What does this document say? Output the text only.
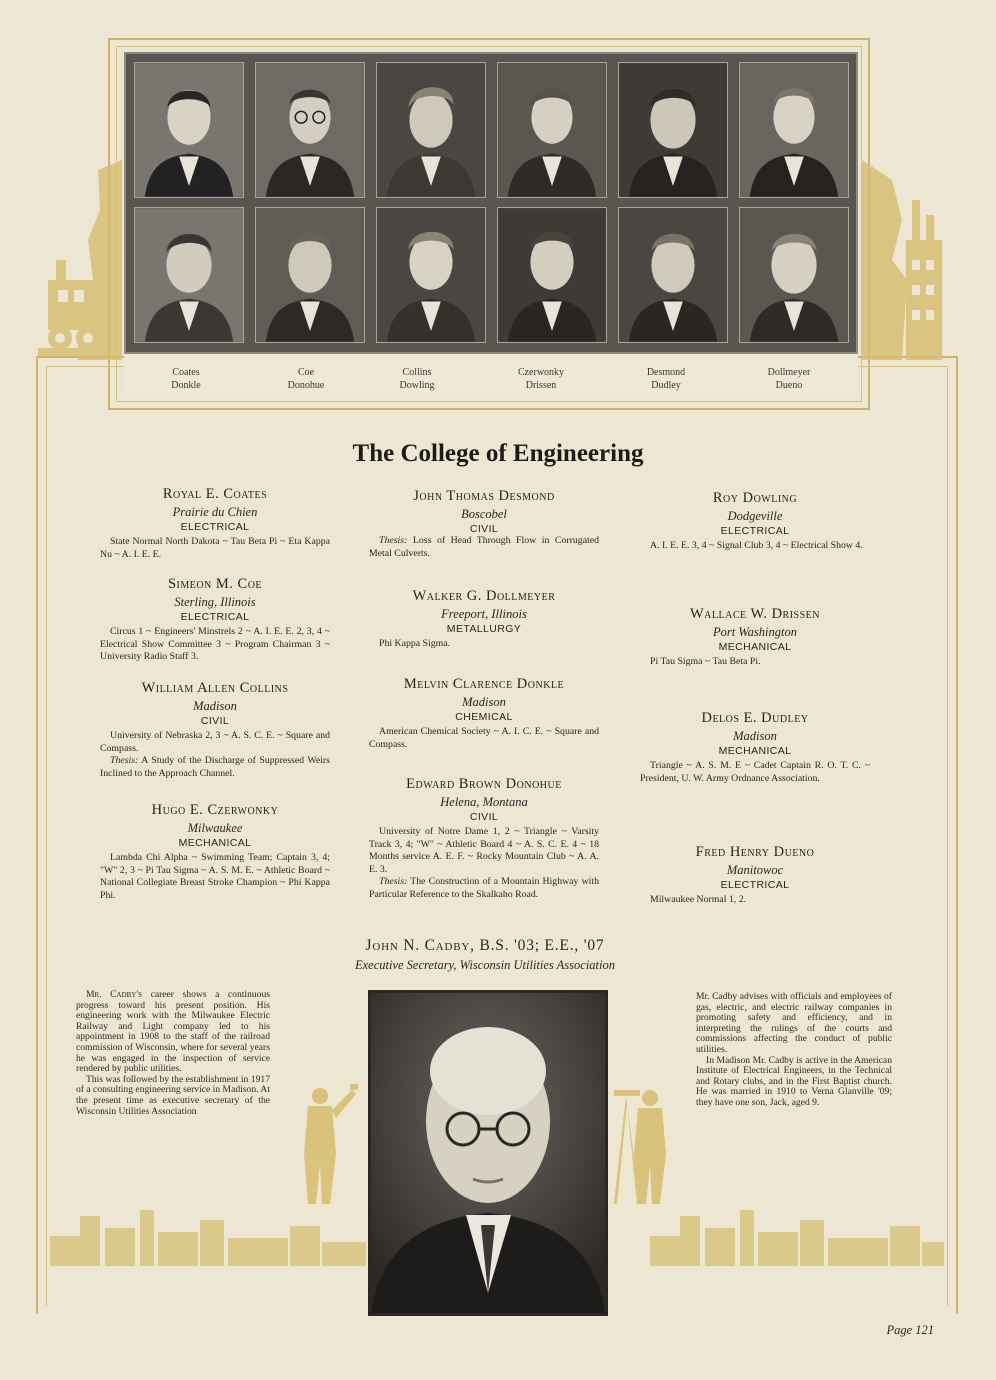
Coates
Donkle
Coe
Donohue
Collins
Dowling
Czerwonky
Drissen
Desmond
Dudley
Dollmeyer
Dueno
The College of Engineering
Royal E. Coates
Prairie du Chien
ELECTRICAL
State Normal North Dakota ~ Tau Beta Pi ~ Eta Kappa Nu ~ A. I. E. E.
Simeon M. Coe
Sterling, Illinois
ELECTRICAL
Circus 1 ~ Engineers' Minstrels 2 ~ A. I. E. E. 2, 3, 4 ~ Electrical Show Committee 3 ~ Program Chairman 3 ~ University Radio Staff 3.
William Allen Collins
Madison
CIVIL
University of Nebraska 2, 3 ~ A. S. C. E. ~ Square and Compass.
Thesis: A Study of the Discharge of Suppressed Weirs Inclined to the Approach Channel.
Hugo E. Czerwonky
Milwaukee
MECHANICAL
Lambda Chi Alpha ~ Swimming Team; Captain 3, 4; "W" 2, 3 ~ Pi Tau Sigma ~ A. S. M. E. ~ Athletic Board ~ National Collegiate Breast Stroke Champion ~ Phi Kappa Phi.
John Thomas Desmond
Boscobel
CIVIL
Thesis: Loss of Head Through Flow in Corrugated Metal Culverts.
Walker G. Dollmeyer
Freeport, Illinois
METALLURGY
Phi Kappa Sigma.
Melvin Clarence Donkle
Madison
CHEMICAL
American Chemical Society ~ A. I. C. E. ~ Square and Compass.
Edward Brown Donohue
Helena, Montana
CIVIL
University of Notre Dame 1, 2 ~ Triangle ~ Varsity Track 3, 4; "W" ~ Athletic Board 4 ~ A. S. C. E. 4 ~ 18 Months service A. E. F. ~ Rocky Mountain Club ~ A. A. E. 3.
Thesis: The Construction of a Mountain Highway with Particular Reference to the Skalkaho Road.
Roy Dowling
Dodgeville
ELECTRICAL
A. I. E. E. 3, 4 ~ Signal Club 3, 4 ~ Electrical Show 4.
Wallace W. Drissen
Port Washington
MECHANICAL
Pi Tau Sigma ~ Tau Beta Pi.
Delos E. Dudley
Madison
MECHANICAL
Triangle ~ A. S. M. E ~ Cadet Captain R. O. T. C. ~ President, U. W. Army Ordnance Association.
Fred Henry Dueno
Manitowoc
ELECTRICAL
Milwaukee Normal 1, 2.
John N. Cadby, B.S. '03; E.E., '07
Executive Secretary, Wisconsin Utilities Association

Mr. Cadby's career shows a continuous progress toward his present position. His engineering work with the Milwaukee Electric Railway and Light company led to his appointment in 1908 to the staff of the railroad commission of Wisconsin, where for several years he was engaged in the inspection of service rendered by public utilities.

This was followed by the establishment in 1917 of a consulting engineering service in Madison. At the present time as executive secretary of the Wisconsin Utilities Association

Mr. Cadby advises with officials and employees of gas, electric, and electric railway companies in promoting safety and efficiency, and in interpreting the rulings of the courts and commissions affecting the conduct of public utilities.

In Madison Mr. Cadby is active in the American Institute of Electrical Engineers, in the Technical and Rotary clubs, and in the First Baptist church. He was married in 1910 to Verna Glanville '09; they have one son, Jack, aged 9.

Page 121
